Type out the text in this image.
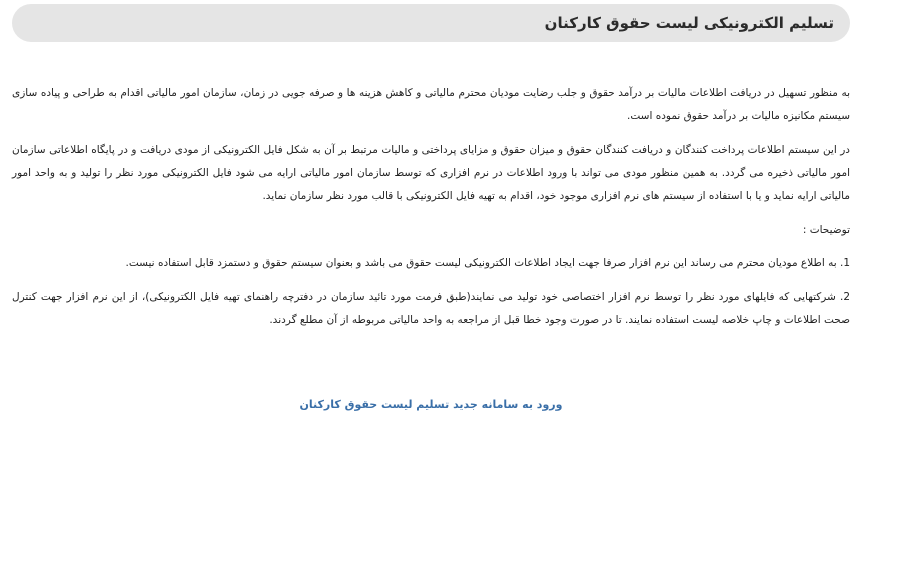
تسلیم الکترونیکی لیست حقوق کارکنان

به منظور تسهیل در دریافت اطلاعات مالیات بر درآمد حقوق و جلب رضایت مودیان محترم مالیاتی و کاهش هزینه ها و صرفه جویی در زمان، سازمان امور مالیاتی اقدام به طراحی و پیاده سازی سیستم مکانیزه مالیات بر درآمد حقوق نموده است.

در این سیستم اطلاعات پرداخت کنندگان و دریافت کنندگان حقوق و میزان حقوق و مزایای پرداختی و مالیات مرتبط بر آن به شکل فایل الکترونیکی از مودی دریافت و در پایگاه اطلاعاتی سازمان امور مالیاتی ذخیره می گردد. به همین منظور مودی می تواند با ورود اطلاعات در نرم افزاری که توسط سازمان امور مالیاتی ارایه می شود فایل الکترونیکی مورد نظر را تولید و به واحد امور مالیاتی ارایه نماید و یا با استفاده از سیستم های نرم افزاری موجود خود، اقدام به تهیه فایل الکترونیکی با قالب مورد نظر سازمان نماید.

توضیحات :

1. به اطلاع مودیان محترم می رساند این نرم افزار صرفا جهت ایجاد اطلاعات الکترونیکی لیست حقوق می باشد و بعنوان سیستم حقوق و دستمزد قابل استفاده نیست.
2. شرکتهایی که فایلهای مورد نظر را توسط نرم افزار اختصاصی خود تولید می نمایند(طبق فرمت مورد تائید سازمان در دفترچه راهنمای تهیه فایل الکترونیکی)، از این نرم افزار جهت کنترل صحت اطلاعات و چاپ خلاصه لیست استفاده نمایند. تا در صورت وجود خطا قبل از مراجعه به واحد مالیاتی مربوطه از آن مطلع گردند.
ورود به سامانه جدید تسلیم لیست حقوق کارکنان
